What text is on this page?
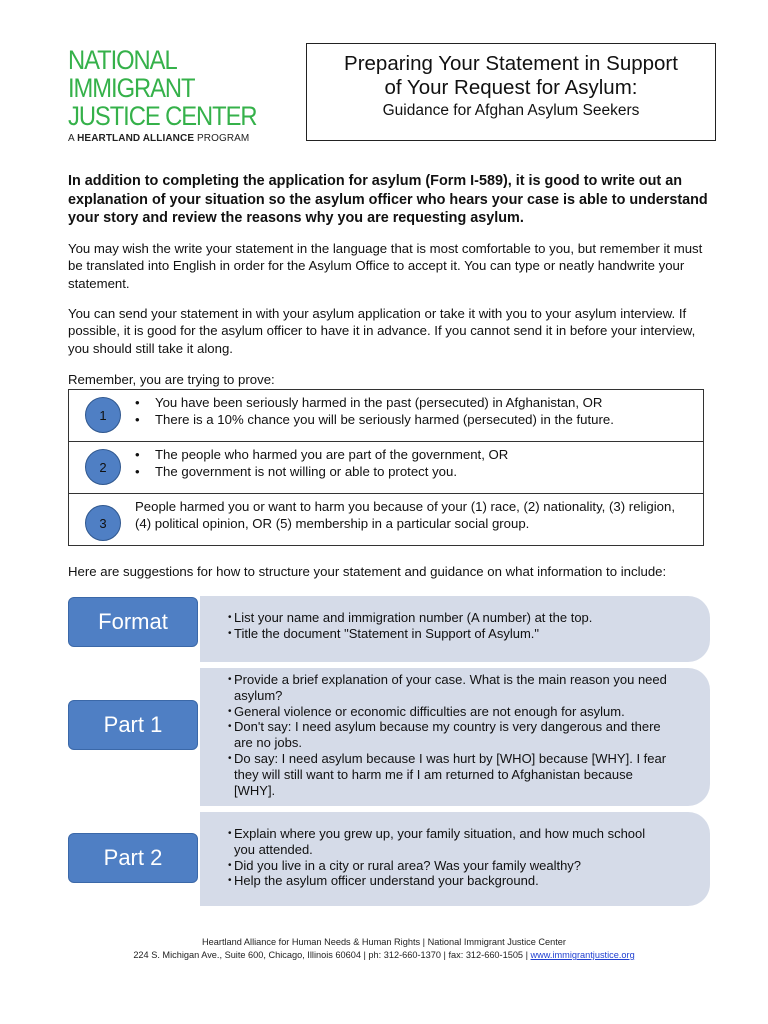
NATIONAL
IMMIGRANT
JUSTICE CENTER
A HEARTLAND ALLIANCE PROGRAM
Preparing Your Statement in Support
of Your Request for Asylum:
Guidance for Afghan Asylum Seekers
In addition to completing the application for asylum (Form I-589), it is good to write out an explanation of your situation so the asylum officer who hears your case is able to understand your story and review the reasons why you are requesting asylum.
You may wish the write your statement in the language that is most comfortable to you, but remember it must be translated into English in order for the Asylum Office to accept it. You can type or neatly handwrite your statement.
You can send your statement in with your asylum application or take it with you to your asylum interview. If possible, it is good for the asylum officer to have it in advance. If you cannot send it in before your interview, you should still take it along.
Remember, you are trying to prove:
1
• You have been seriously harmed in the past (persecuted) in Afghanistan, OR
• There is a 10% chance you will be seriously harmed (persecuted) in the future.
2
• The people who harmed you are part of the government, OR
• The government is not willing or able to protect you.
3
People harmed you or want to harm you because of your (1) race, (2) nationality, (3) religion, (4) political opinion, OR (5) membership in a particular social group.
Here are suggestions for how to structure your statement and guidance on what information to include:
Format
•	List your name and immigration number (A number) at the top.
• Title the document "Statement in Support of Asylum."
Part 1
• Provide a brief explanation of your case. What is the main reason you need asylum?
• General violence or economic difficulties are not enough for asylum.
• Don't say: I need asylum because my country is very dangerous and there are no jobs.
• Do say: I need asylum because I was hurt by [WHO] because [WHY]. I fear they will still want to harm me if I am returned to Afghanistan because [WHY].
Part 2
• Explain where you grew up, your family situation, and how much school you attended.
• Did you live in a city or rural area? Was your family wealthy?
• Help the asylum officer understand your background.
Heartland Alliance for Human Needs & Human Rights | National Immigrant Justice Center
224 S. Michigan Ave., Suite 600, Chicago, Illinois 60604 | ph: 312-660-1370 | fax: 312-660-1505 | www.immigrantjustice.org
